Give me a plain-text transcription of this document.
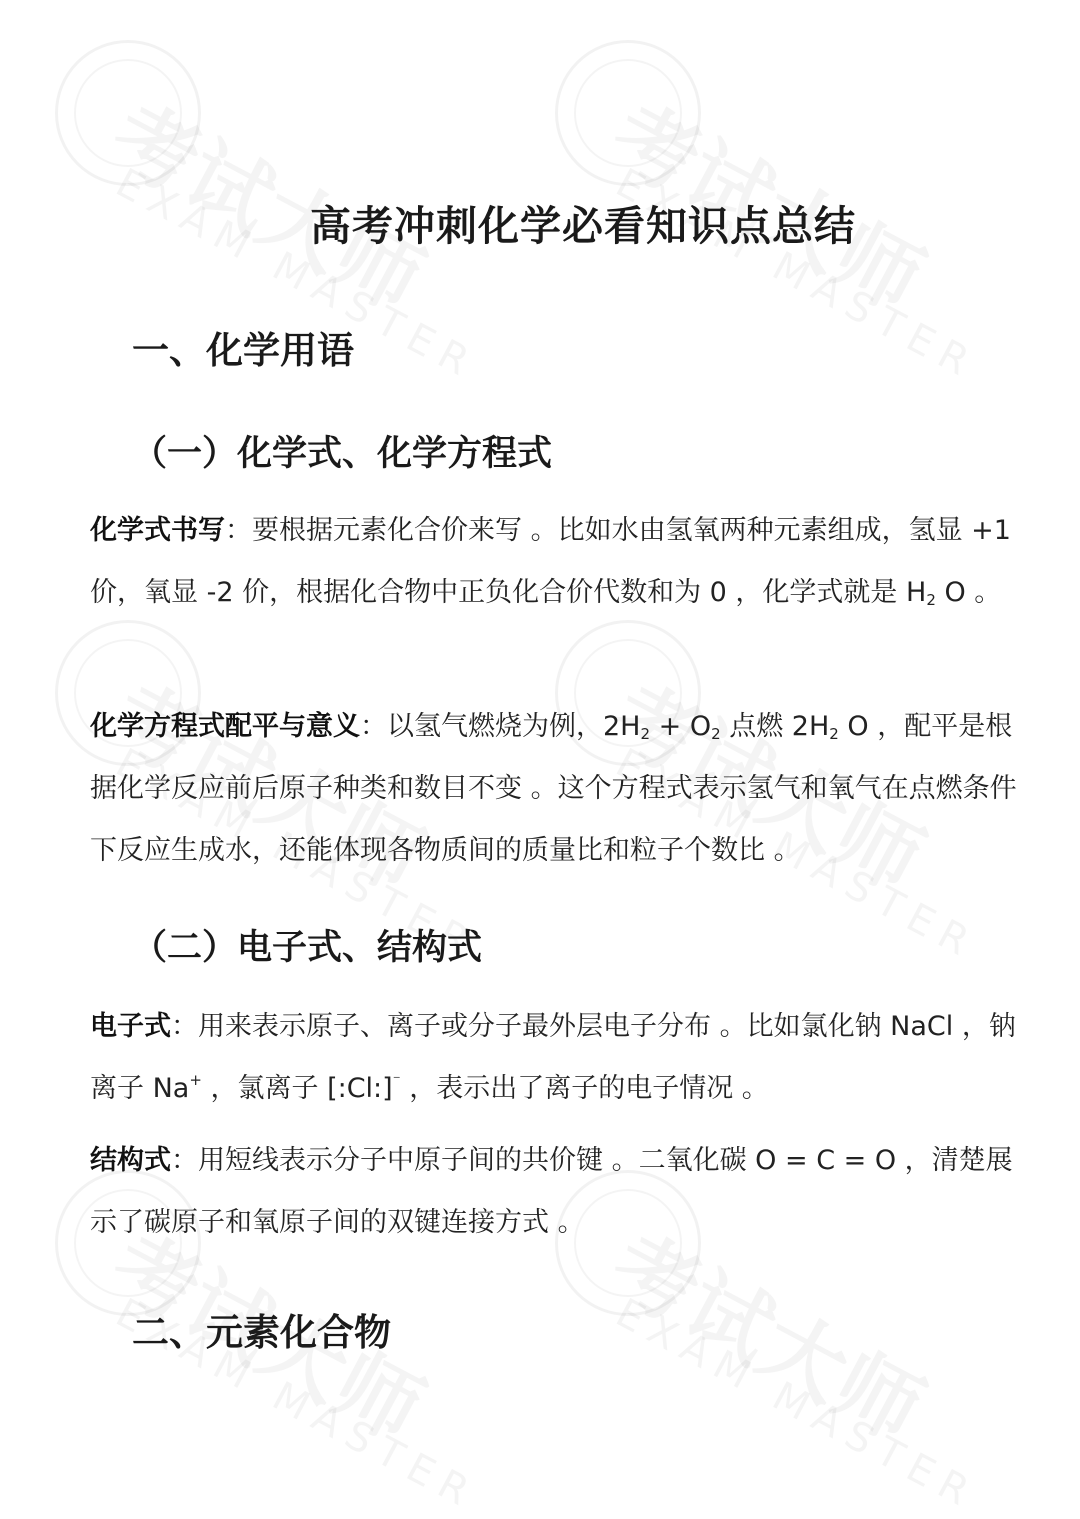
高考冲刺化学必看知识点总结
一、化学用语
（一）化学式、化学方程式
化学式书写：要根据元素化合价来写 。比如水由氢氧两种元素组成，氢显 +1 价，氧显 -2 价，根据化合物中正负化合价代数和为 0 ，化学式就是 $H_2$ O 。
化学方程式配平与意义：以氢气燃烧为例，$2H_2 + O_2$ 点燃 $2H_2$ O ，配平是根据化学反应前后原子种类和数目不变 。这个方程式表示氢气和氧气在点燃条件下反应生成水，还能体现各物质间的质量比和粒子个数比 。
（二）电子式、结构式
电子式：用来表示原子、离子或分子最外层电子分布 。比如氯化钠 NaCl ，钠离子 Na+ ，氯离子 [:Cl:]⁻ ，表示出了离子的电子情况 。
结构式：用短线表示分子中原子间的共价键 。二氧化碳 O = C = O ，清楚展示了碳原子和氧原子间的双键连接方式 。
二、元素化合物
